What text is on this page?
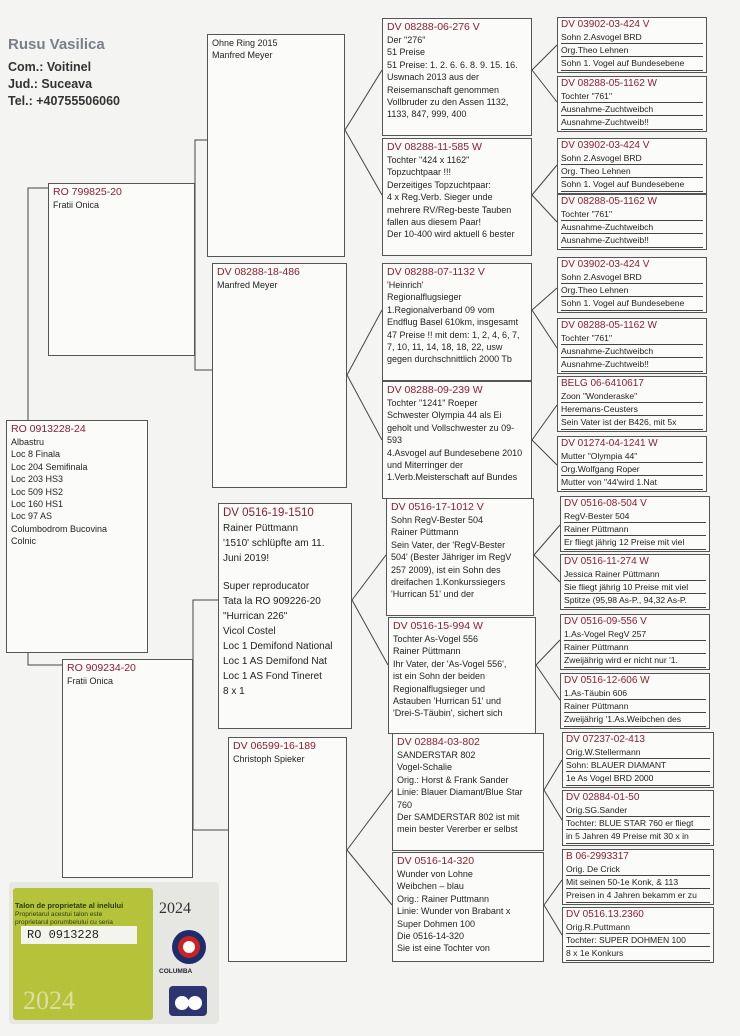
Rusu Vasilica
Com.: Voitinel
Jud.: Suceava
Tel.: +40755506060
RO 0913228-24
Albastru
Loc 8 Finala
Loc 204 Semifinala
Loc 203 HS3
Loc 509 HS2
Loc 160 HS1
Loc 97 AS
Columbodrom Bucovina
Colnic
RO 799825-20
Fratii Onica
RO 909234-20
Fratii Onica
Ohne Ring 2015
Manfred Meyer
DV 08288-18-486
Manfred Meyer
DV 0516-19-1510
Rainer Püttmann
'1510' schlüpfte am 11.
Juni 2019!
Super reproducator
Tata la RO 909226-20
"Hurrican 226"
Vicol Costel
Loc 1 Demifond National
Loc 1 AS Demifond Nat
Loc 1 AS Fond Tineret
8 x 1
DV 06599-16-189
Christoph Spieker
DV 08288-06-276 V
Der "276"
51 Preise
51 Preise: 1. 2. 6. 6. 8. 9. 15. 16.
Uswnach 2013 aus der
Reisemanschaft genommen
Vollbruder zu den Assen 1132,
1133, 847, 999, 400
DV 08288-11-585 W
Tochter "424 x 1162"
Topzuchtpaar !!!
Derzeitiges Topzuchtpaar:
4 x Reg.Verb. Sieger unde
mehrere RV/Reg-beste Tauben
fallen aus diesem Paar!
Der 10-400 wird aktuell 6 bester
DV 08288-07-1132 V
'Heinrich'
Regionalflugsieger
1.Regionalverband 09 vom
Endflug Basel 610km, insgesamt
47 Preise !! mit dem: 1, 2, 4, 6, 7,
7, 10, 11, 14, 18, 18, 22, usw
gegen durchschnittlich 2000 Tb
DV 08288-09-239 W
Tochter "1241" Roeper
Schwester Olympia 44 als Ei
geholt und Vollschwester zu 09-
593
4.Asvogel auf Bundesebene 2010
und Miterringer der
1.Verb.Meisterschaft auf Bundes
DV 0516-17-1012 V
Sohn RegV-Bester 504
Rainer Püttmann
Sein Vater, der 'RegV-Bester
504' (Bester Jähriger im RegV
257 2009), ist ein Sohn des
dreifachen 1.Konkurssiegers
'Hurrican 51' und der
DV 0516-15-994 W
Tochter As-Vogel 556
Rainer Püttmann
Ihr Vater, der 'As-Vogel 556',
ist ein Sohn der beiden
Regionalflugsieger und
Astauben 'Hurrican 51' und
'Drei-S-Täubin', sichert sich
DV 02884-03-802
SANDERSTAR 802
Vogel-Schalie
Orig.: Horst & Frank Sander
Linie: Blauer Diamant/Blue Star
760
Der SAMDERSTAR 802 ist mit
mein bester Vererber er selbst
DV 0516-14-320
Wunder von Lohne
Weibchen – blau
Orig.: Rainer Puttmann
Linie: Wunder von Brabant x
Super Dohmen 100
Die 0516-14-320
Sie ist eine Tochter von
DV 03902-03-424 V
Sohn 2.Asvogel BRD
Org.Theo Lehnen
Sohn 1. Vogel auf Bundesebene
DV 08288-05-1162 W
Tochter "761"
Ausnahme-Zuchtweibch
Ausnahme-Zuchtweib!!
DV 03902-03-424 V
Sohn 2.Asvogel BRD
Org. Theo Lehnen
Sohn 1. Vogel auf Bundesebene
DV 08288-05-1162 W
Tochter "761"
Ausnahme-Zuchtweibch
Ausnahme-Zuchtweib!!
DV 03902-03-424 V
Sohn 2.Asvogel BRD
Org.Theo Lehnen
Sohn 1. Vogel auf Bundesebene
DV 08288-05-1162 W
Tochter "761"
Ausnahme-Zuchtweibch
Ausnahme-Zuchtweib!!
BELG 06-6410617
Zoon "Wonderaske"
Heremans-Ceusters
Sein Vater ist der B426, mit 5x
DV 01274-04-1241 W
Mutter "Olympia 44"
Org.Wolfgang Roper
Mutter von "44'wird 1.Nat
DV 0516-08-504 V
RegV-Bester 504
Rainer Püttmann
Er fliegt jährig 12 Preise mit viel
DV 0516-11-274 W
Jessica Rainer Püttmann
Sie fliegt jährig 10 Preise mit viel
Sptitze (95,98 As-P., 94,32 As-P.
DV 0516-09-556 V
1.As-Vogel RegV 257
Rainer Püttmann
Zweijährig wird er nicht nur '1.
DV 0516-12-606 W
1.As-Täubin 606
Rainer Püttmann
Zweijährig '1.As.Weibchen des
DV 07237-02-413
Orig.W.Stellermann
Sohn: BLAUER DIAMANT
1e As Vogel BRD 2000
DV 02884-01-50
Orig.SG.Sander
Tochter: BLUE STAR 760 er fliegt
in 5 Jahren 49 Preise mit 30 x in
B 06-2993317
Orig. De Crick
Mit seinen 50-1e Konk, & 113
Preisen in 4 Jahren bekamm er zu
DV 0516.13.2360
Orig.R.Puttmann
Tochter: SUPER DOHMEN 100
8 x 1e Konkurs
Talon de proprietate al inelului
Proprietarul acestui talon este
proprietarul porumbelului cu seria
RO 0913228
2024
2024
COLUMBA
